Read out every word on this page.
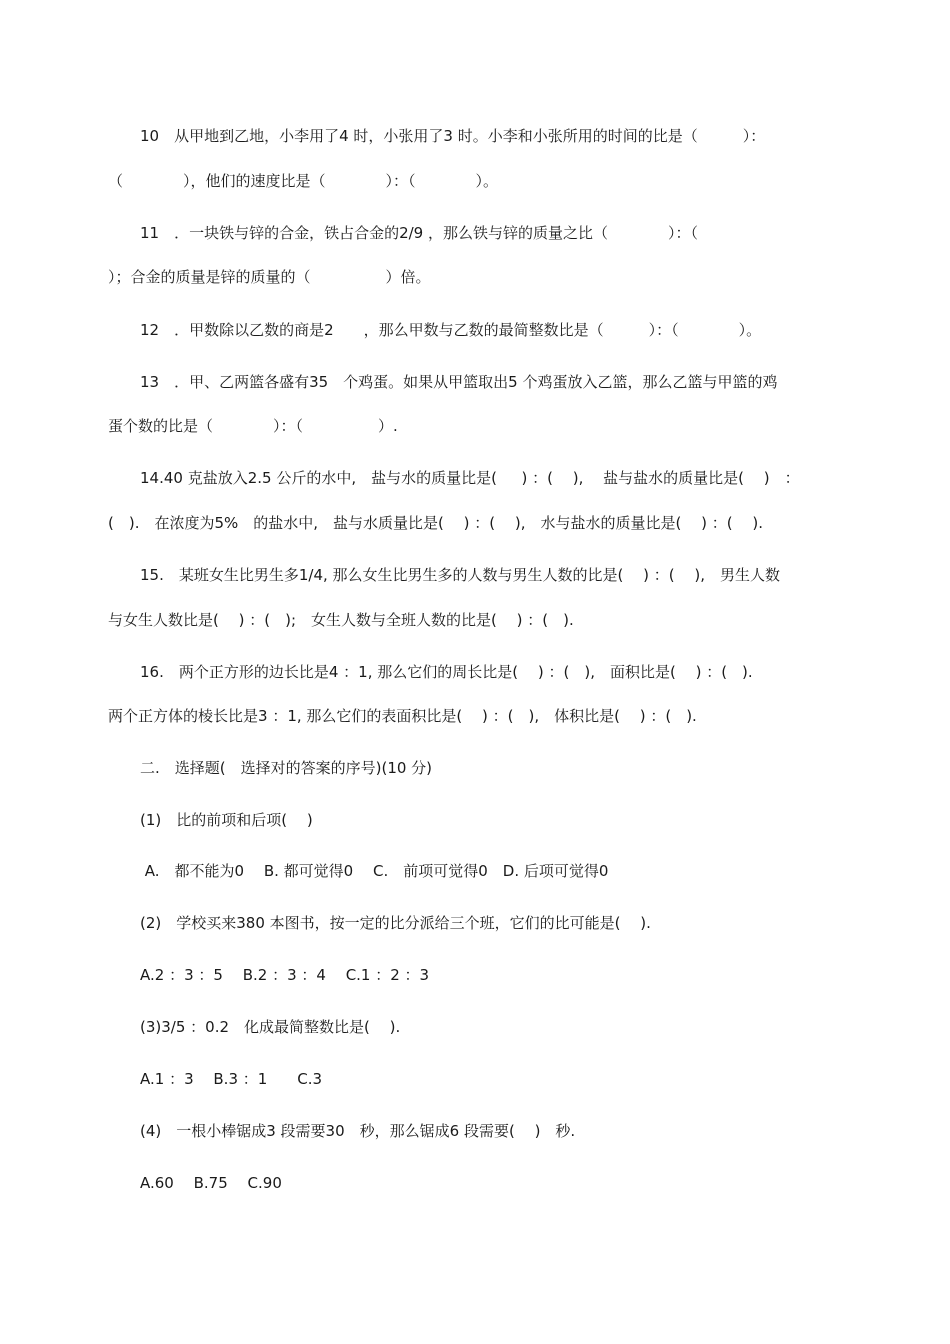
10　从甲地到乙地，小李用了4 时，小张用了3 时。小李和小张所用的时间的比是（　　　）：

（　　　　），他们的速度比是（　　　　）：（　　　　）。

11　．一块铁与锌的合金，铁占合金的2/9 ，那么铁与锌的质量之比（　　　　）：（

）；合金的质量是锌的质量的（　　　　　）倍。

12　．甲数除以乙数的商是2　　，那么甲数与乙数的最简整数比是（　　　）：（　　　　）。

13　．甲、乙两篮各盛有35　个鸡蛋。如果从甲篮取出5 个鸡蛋放入乙篮，那么乙篮与甲篮的鸡

蛋个数的比是（　　　　）：（　　　　　）.

14.40 克盐放入2.5 公斤的水中,　盐与水的质量比是(　  ) ：(　 ),　 盐与盐水的质量比是(　 )　：

(　).　在浓度为5%　的盐水中,　盐与水质量比是(　 ) ：(　 ),　水与盐水的质量比是(　 ) ：(　 ).

15.　某班女生比男生多1/4, 那么女生比男生多的人数与男生人数的比是(　 ) ：(　 ),　男生人数

与女生人数比是(　 ) ：(　);　女生人数与全班人数的比是(　 ) ：(　).

16.　两个正方形的边长比是4 ：1, 那么它们的周长比是(　 ) ：(　),　面积比是(　 ) ：(　).

两个正方体的棱长比是3 ：1, 那么它们的表面积比是(　 ) ：(　),　体积比是(　 ) ：(　).

二.　选择题(　选择对的答案的序号)(10 分)

(1)　比的前项和后项(　 )

A.　都不能为0　 B. 都可觉得0　 C.　前项可觉得0　D. 后项可觉得0

(2)　学校买来380 本图书，按一定的比分派给三个班，它们的比可能是(　 ).

A.2 ：3 ：5　 B.2 ：3 ：4　 C.1 ：2 ：3

(3)3/5 ：0.2　化成最简整数比是(　 ).

A.1 ：3　 B.3 ：1　　C.3

(4)　一根小棒锯成3 段需要30　秒，那么锯成6 段需要(　 )　秒.

A.60　 B.75　 C.90
